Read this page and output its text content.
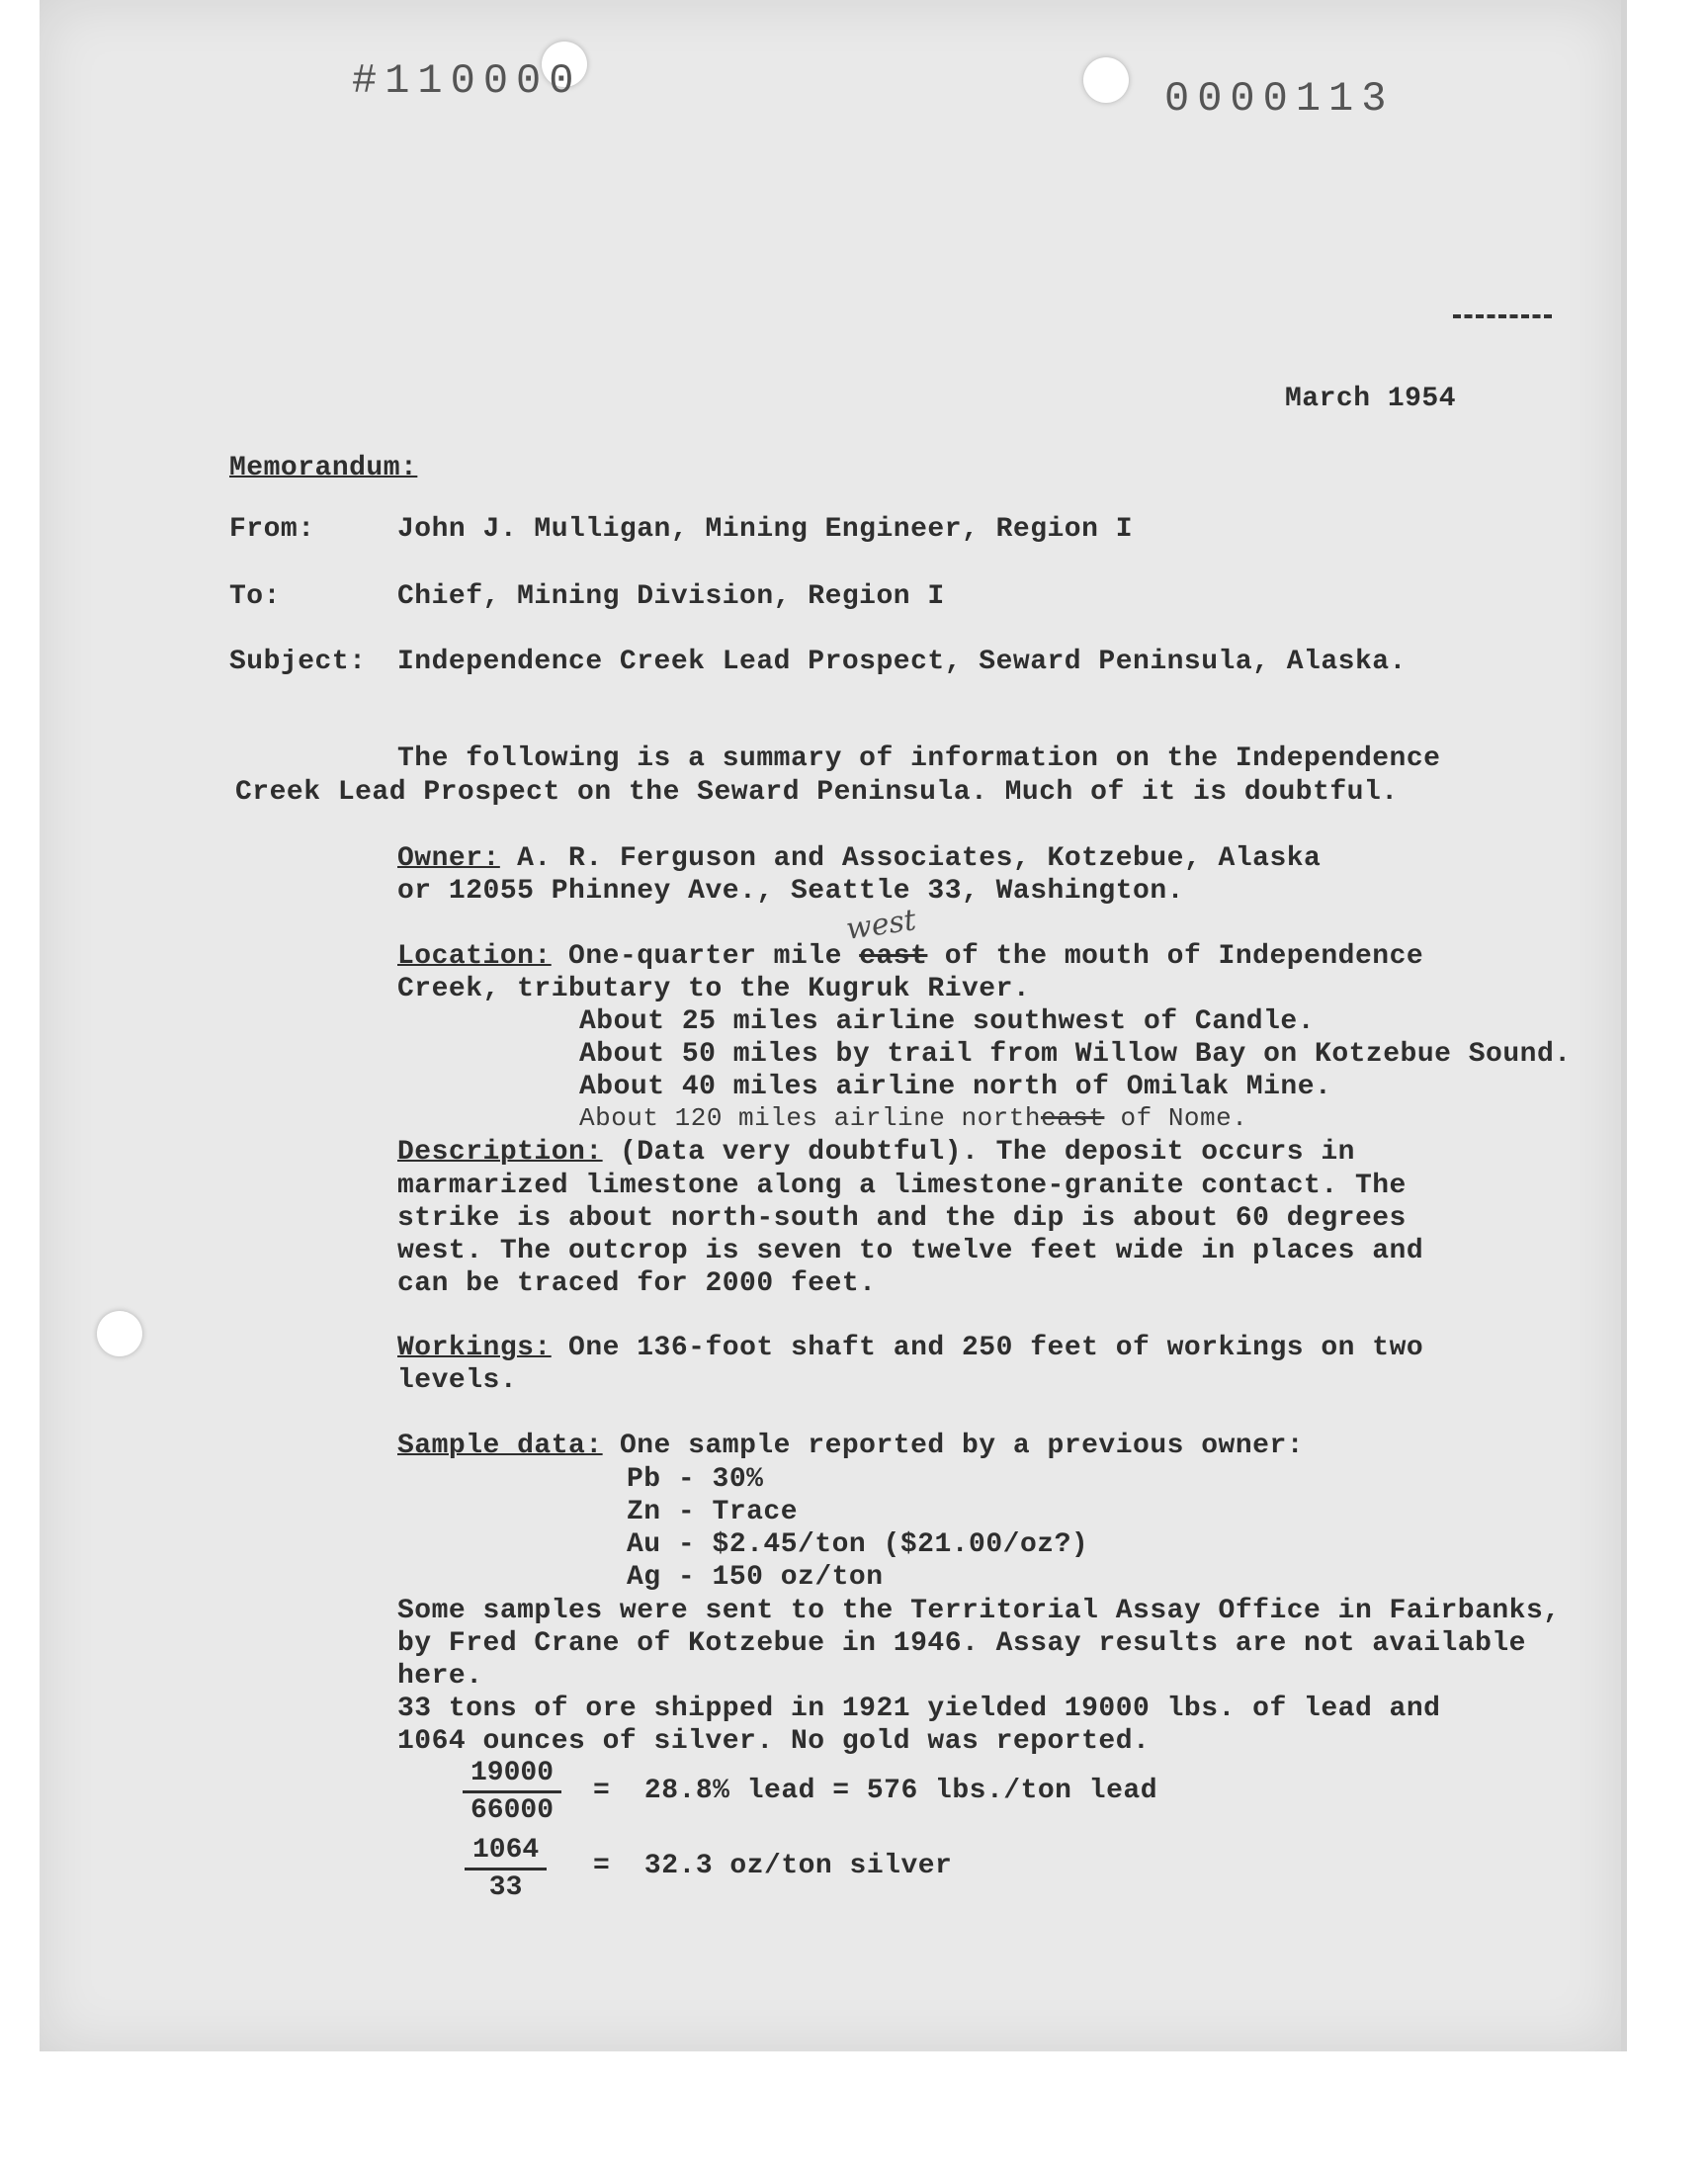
#110000	0000113
March 1954
Memorandum:
From:	John J. Mulligan, Mining Engineer, Region I
To:	Chief, Mining Division, Region I
Subject: Independence Creek Lead Prospect, Seward Peninsula, Alaska.
The following is a summary of information on the Independence
Creek Lead Prospect on the Seward Peninsula. Much of it is doubtful.
Owner: A. R. Ferguson and Associates, Kotzebue, Alaska
or 12055 Phinney Ave., Seattle 33, Washington.
west
Location: One-quarter mile east of the mouth of Independence
Creek, tributary to the Kugruk River.
About 25 miles airline southwest of Candle.
About 50 miles by trail from Willow Bay on Kotzebue Sound.
About 40 miles airline north of Omilak Mine.
About 120 miles airline northeast of Nome.
Description: (Data very doubtful). The deposit occurs in
marmarized limestone along a limestone-granite contact. The
strike is about north-south and the dip is about 60 degrees
west. The outcrop is seven to twelve feet wide in places and
can be traced for 2000 feet.
Workings: One 136-foot shaft and 250 feet of workings on two
levels.
Sample data: One sample reported by a previous owner:
Pb - 30%
Zn - Trace
Au - $2.45/ton ($21.00/oz?)
Ag - 150 oz/ton
Some samples were sent to the Territorial Assay Office in Fairbanks,
by Fred Crane of Kotzebue in 1946. Assay results are not available
here.
33 tons of ore shipped in 1921 yielded 19000 lbs. of lead and
1064 ounces of silver. No gold was reported.
$\frac{19000}{66000} = 28.8\%$ lead = 576 lbs./ton lead
$\frac{1064}{33} = 32.3$ oz/ton silver
